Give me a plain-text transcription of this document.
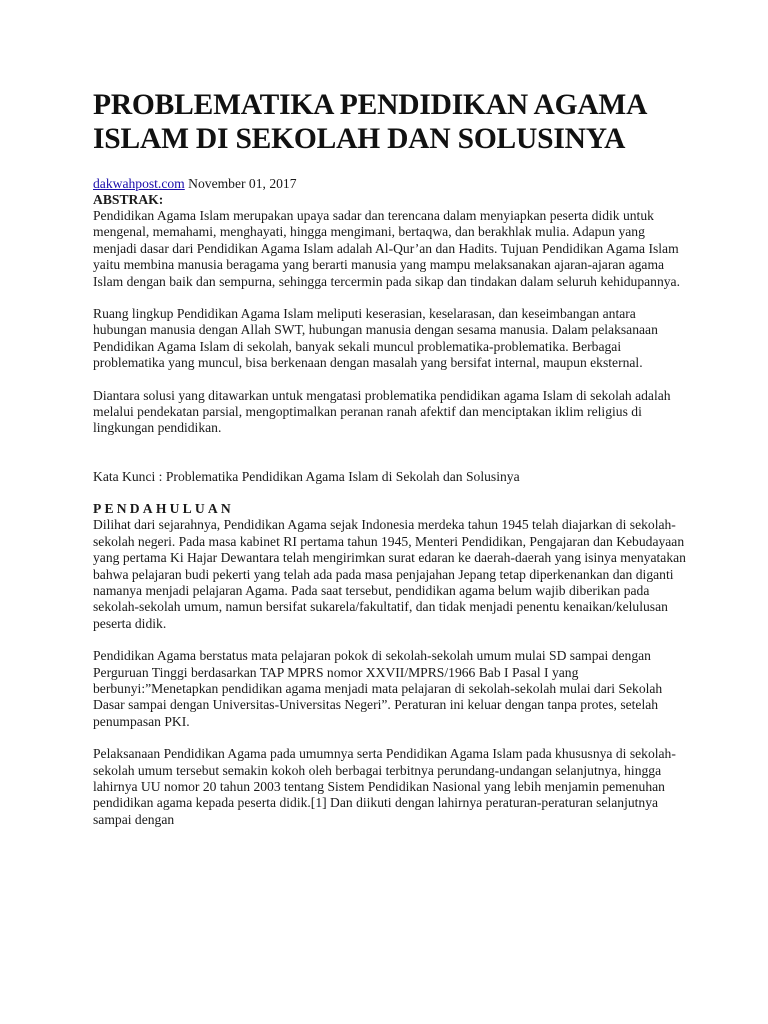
PROBLEMATIKA PENDIDIKAN AGAMA ISLAM DI SEKOLAH DAN SOLUSINYA
dakwahpost.com November 01, 2017
ABSTRAK:

Pendidikan Agama Islam merupakan upaya sadar dan terencana dalam menyiapkan peserta didik untuk mengenal, memahami, menghayati, hingga mengimani, bertaqwa, dan berakhlak mulia. Adapun yang menjadi dasar dari Pendidikan Agama Islam adalah Al-Qur’an dan Hadits. Tujuan Pendidikan Agama Islam yaitu membina manusia beragama yang berarti manusia yang mampu melaksanakan ajaran-ajaran agama Islam dengan baik dan sempurna, sehingga tercermin pada sikap dan tindakan dalam seluruh kehidupannya.

Ruang lingkup Pendidikan Agama Islam meliputi keserasian, keselarasan, dan keseimbangan antara hubungan manusia dengan Allah SWT, hubungan manusia dengan sesama manusia. Dalam pelaksanaan Pendidikan Agama Islam di sekolah, banyak sekali muncul problematika-problematika. Berbagai problematika yang muncul, bisa berkenaan dengan masalah yang bersifat internal, maupun eksternal.

Diantara solusi yang ditawarkan untuk mengatasi problematika pendidikan agama Islam di sekolah adalah melalui pendekatan parsial, mengoptimalkan peranan ranah afektif dan menciptakan iklim religius di lingkungan pendidikan.

Kata Kunci : Problematika Pendidikan Agama Islam di Sekolah dan Solusinya

PENDAHULUAN

Dilihat dari sejarahnya, Pendidikan Agama sejak Indonesia merdeka tahun 1945 telah diajarkan di sekolah-sekolah negeri. Pada masa kabinet RI pertama tahun 1945, Menteri Pendidikan, Pengajaran dan Kebudayaan yang pertama Ki Hajar Dewantara telah mengirimkan surat edaran ke daerah-daerah yang isinya menyatakan bahwa pelajaran budi pekerti yang telah ada pada masa penjajahan Jepang tetap diperkenankan dan diganti namanya menjadi pelajaran Agama. Pada saat tersebut, pendidikan agama belum wajib diberikan pada sekolah-sekolah umum, namun bersifat sukarela/fakultatif, dan tidak menjadi penentu kenaikan/kelulusan peserta didik.

Pendidikan Agama berstatus mata pelajaran pokok di sekolah-sekolah umum mulai SD sampai dengan Perguruan Tinggi berdasarkan TAP MPRS nomor XXVII/MPRS/1966 Bab I Pasal I yang berbunyi:”Menetapkan pendidikan agama menjadi mata pelajaran di sekolah-sekolah mulai dari Sekolah Dasar sampai dengan Universitas-Universitas Negeri”. Peraturan ini keluar dengan tanpa protes, setelah penumpasan PKI.

Pelaksanaan Pendidikan Agama pada umumnya serta Pendidikan Agama Islam pada khususnya di sekolah-sekolah umum tersebut semakin kokoh oleh berbagai terbitnya perundang-undangan selanjutnya, hingga lahirnya UU nomor 20 tahun 2003 tentang Sistem Pendidikan Nasional yang lebih menjamin pemenuhan pendidikan agama kepada peserta didik.[1] Dan diikuti dengan lahirnya peraturan-peraturan selanjutnya sampai dengan
